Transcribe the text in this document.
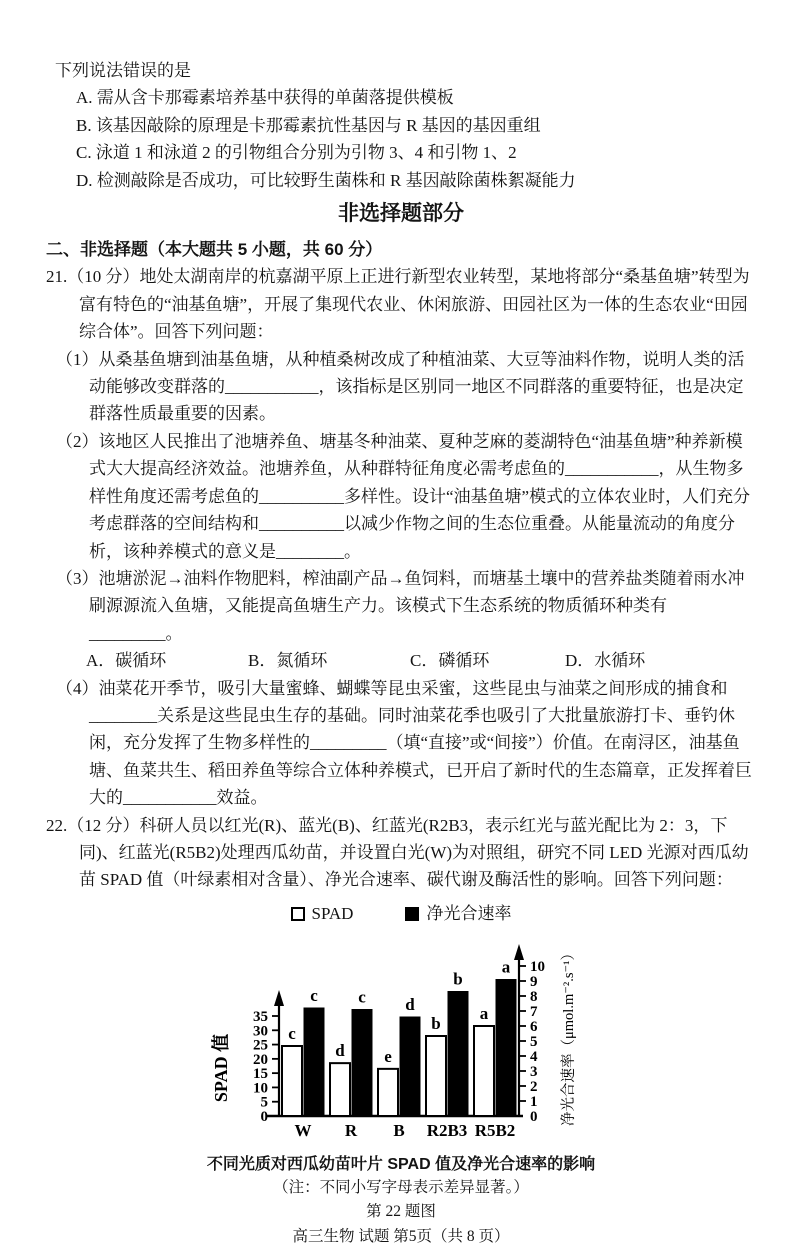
下列说法错误的是

A. 需从含卡那霉素培养基中获得的单菌落提供模板

B. 该基因敲除的原理是卡那霉素抗性基因与 R 基因的基因重组

C. 泳道 1 和泳道 2 的引物组合分别为引物 3、4 和引物 1、2

D. 检测敲除是否成功，可比较野生菌株和 R 基因敲除菌株絮凝能力

非选择题部分

二、非选择题（本大题共 5 小题，共 60 分）

21.（10 分）地处太湖南岸的杭嘉湖平原上正进行新型农业转型，某地将部分“桑基鱼塘”转型为富有特色的“油基鱼塘”，开展了集现代农业、休闲旅游、田园社区为一体的生态农业“田园综合体”。回答下列问题：

（1）从桑基鱼塘到油基鱼塘，从种植桑树改成了种植油菜、大豆等油料作物，说明人类的活动能够改变群落的___________，该指标是区别同一地区不同群落的重要特征，也是决定群落性质最重要的因素。

（2）该地区人民推出了池塘养鱼、塘基冬种油菜、夏种芝麻的菱湖特色“油基鱼塘”种养新模式大大提高经济效益。池塘养鱼，从种群特征角度必需考虑鱼的___________，从生物多样性角度还需考虑鱼的__________多样性。设计“油基鱼塘”模式的立体农业时，人们充分考虑群落的空间结构和__________以减少作物之间的生态位重叠。从能量流动的角度分析，该种养模式的意义是________。

（3）池塘淤泥→油料作物肥料，榨油副产品→鱼饲料，而塘基土壤中的营养盐类随着雨水冲刷源源流入鱼塘，又能提高鱼塘生产力。该模式下生态系统的物质循环种类有_________。

A．碳循环	B．氮循环	C．磷循环	D．水循环

（4）油菜花开季节，吸引大量蜜蜂、蝴蝶等昆虫采蜜，这些昆虫与油菜之间形成的捕食和________关系是这些昆虫生存的基础。同时油菜花季也吸引了大批量旅游打卡、垂钓休闲，充分发挥了生物多样性的_________（填“直接”或“间接”）价值。在南浔区，油基鱼塘、鱼菜共生、稻田养鱼等综合立体种养模式，已开启了新时代的生态篇章，正发挥着巨大的___________效益。

22.（12 分）科研人员以红光(R)、蓝光(B)、红蓝光(R2B3，表示红光与蓝光配比为 2：3，下同)、红蓝光(R5B2)处理西瓜幼苗，并设置白光(W)为对照组，研究不同 LED 光源对西瓜幼苗 SPAD 值（叶绿素相对含量）、净光合速率、碳代谢及酶活性的影响。回答下列问题：

SPAD	净光合速率
0
5
10
15
20
25
30
35
0
1
2
3
4
5
6
7
8
9
10
c
c
W
d
c
R
e
d
B
b
b
R2B3
a
a
R5B2
SPAD 值	净光合速率（μmol.m⁻².s⁻¹）

不同光质对西瓜幼苗叶片 SPAD 值及净光合速率的影响

（注：不同小写字母表示差异显著。）

第 22 题图

高三生物 试题 第5页（共 8 页）
